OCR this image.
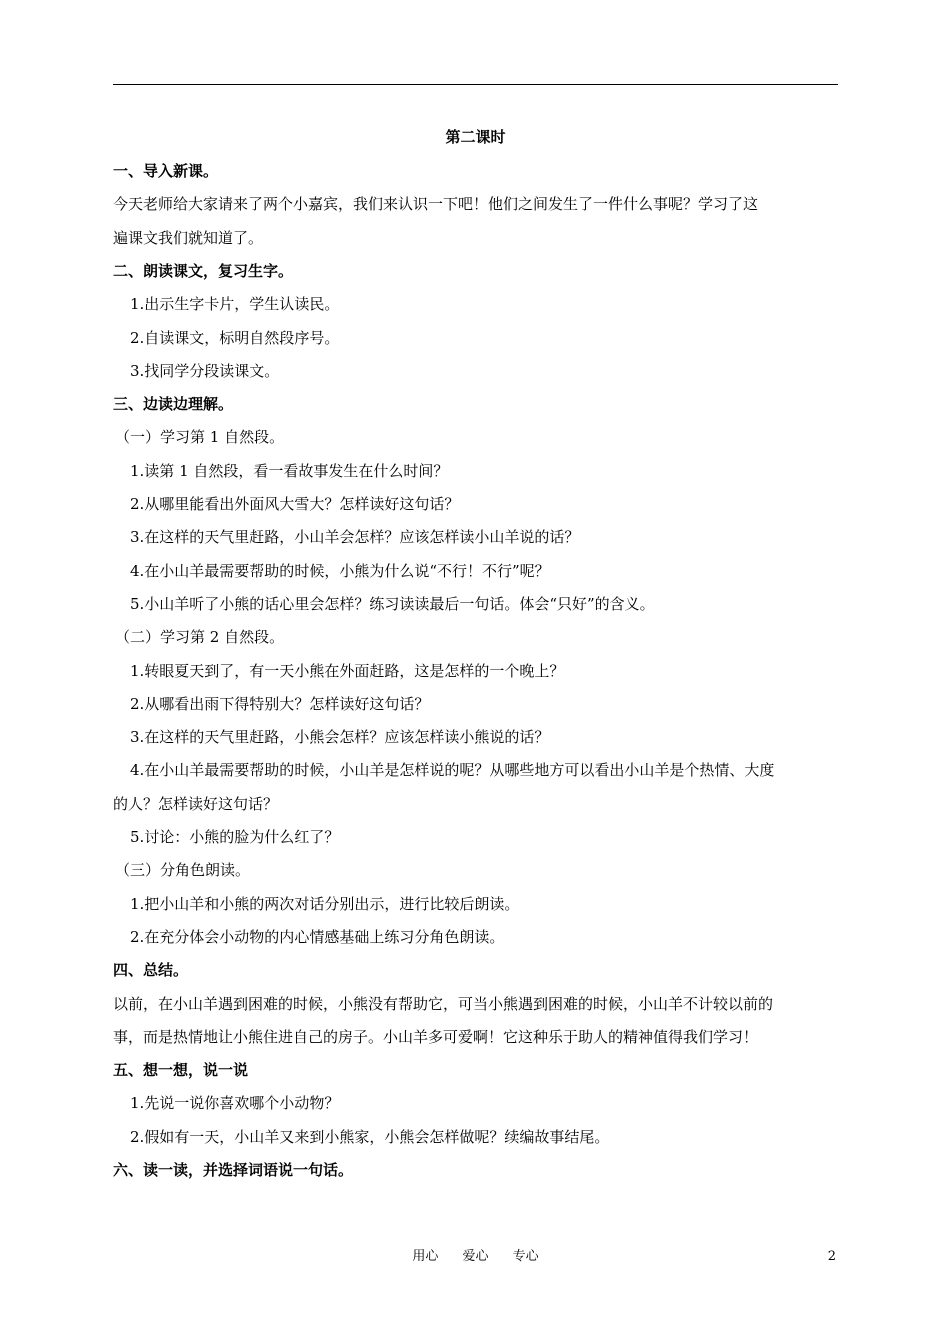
第二课时
一、导入新课。
今天老师给大家请来了两个小嘉宾，我们来认识一下吧！他们之间发生了一件什么事呢？学习了这
遍课文我们就知道了。
二、朗读课文，复习生字。
1.出示生字卡片，学生认读民。
2.自读课文，标明自然段序号。
3.找同学分段读课文。
三、边读边理解。
（一）学习第 1 自然段。
1.读第 1 自然段，看一看故事发生在什么时间？
2.从哪里能看出外面风大雪大？怎样读好这句话？
3.在这样的天气里赶路，小山羊会怎样？应该怎样读小山羊说的话？
4.在小山羊最需要帮助的时候，小熊为什么说“不行！不行”呢？
5.小山羊听了小熊的话心里会怎样？练习读读最后一句话。体会“只好”的含义。
（二）学习第 2 自然段。
1.转眼夏天到了，有一天小熊在外面赶路，这是怎样的一个晚上？
2.从哪看出雨下得特别大？怎样读好这句话？
3.在这样的天气里赶路，小熊会怎样？应该怎样读小熊说的话？
4.在小山羊最需要帮助的时候，小山羊是怎样说的呢？从哪些地方可以看出小山羊是个热情、大度
的人？怎样读好这句话？
5.讨论：小熊的脸为什么红了？
（三）分角色朗读。
1.把小山羊和小熊的两次对话分别出示，进行比较后朗读。
2.在充分体会小动物的内心情感基础上练习分角色朗读。
四、总结。
以前，在小山羊遇到困难的时候，小熊没有帮助它，可当小熊遇到困难的时候，小山羊不计较以前的
事，而是热情地让小熊住进自己的房子。小山羊多可爱啊！它这种乐于助人的精神值得我们学习！
五、想一想，说一说
1.先说一说你喜欢哪个小动物？
2.假如有一天，小山羊又来到小熊家，小熊会怎样做呢？续编故事结尾。
六、读一读，并选择词语说一句话。
用心 爱心 专心	2
